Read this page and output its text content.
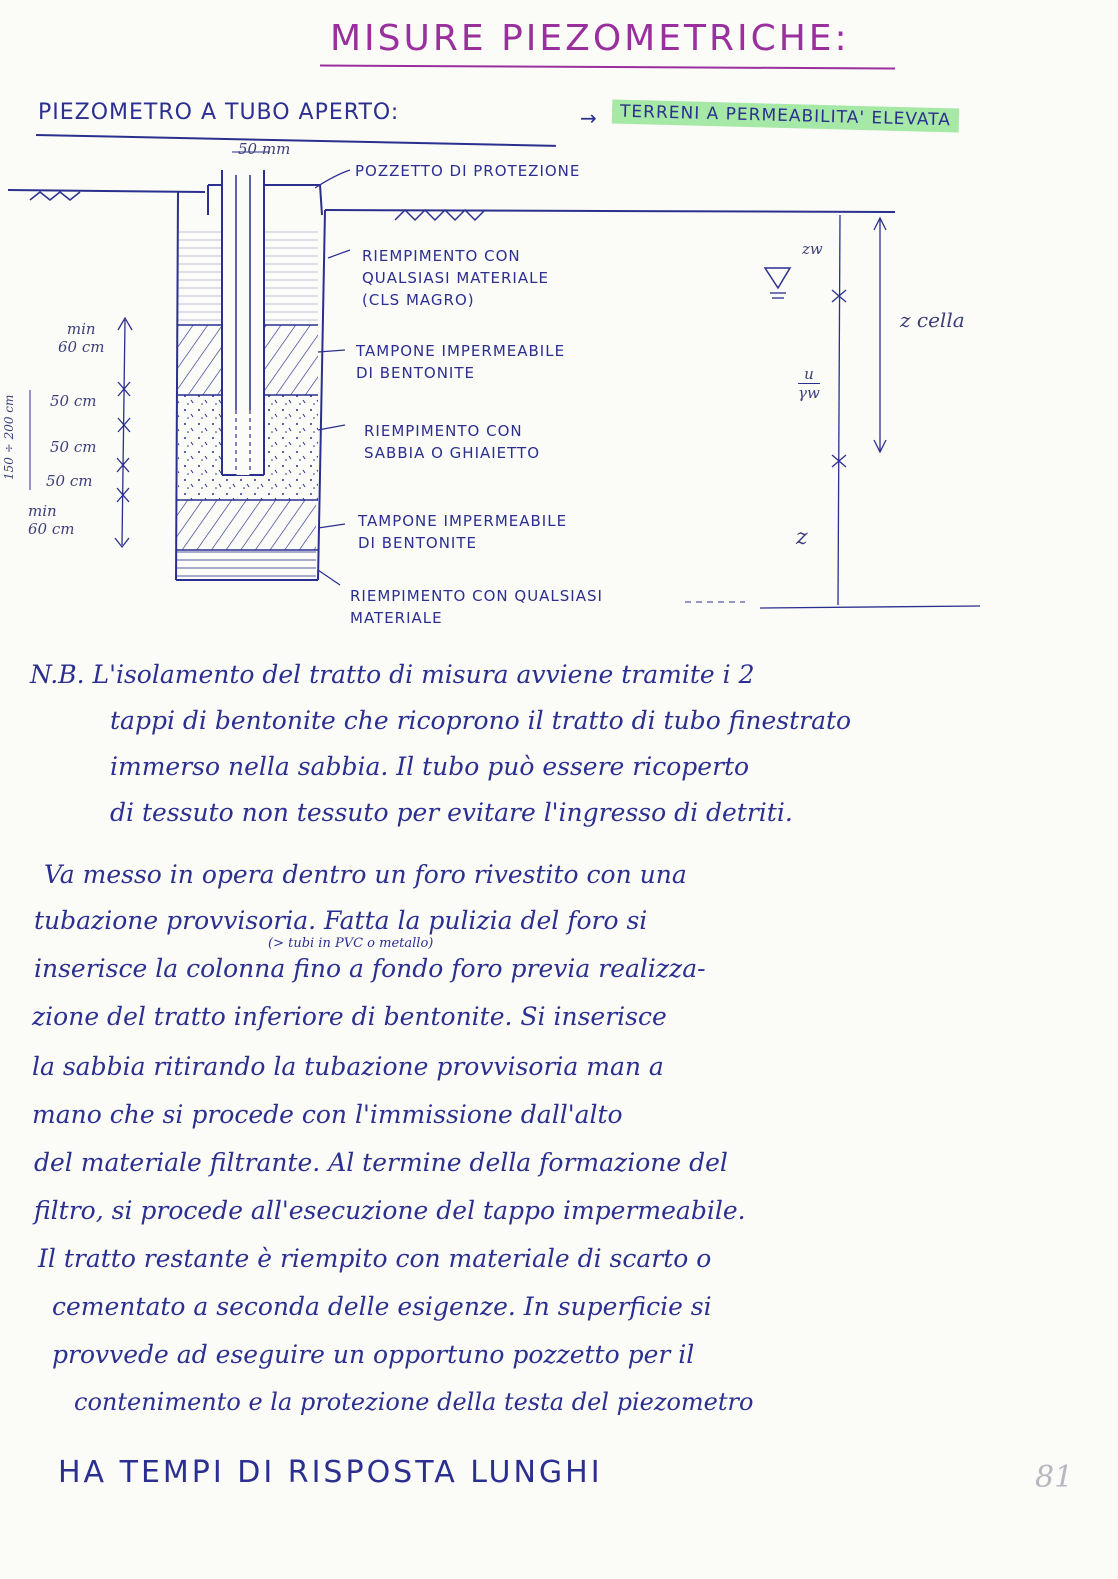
MISURE PIEZOMETRICHE:
PIEZOMETRO A TUBO APERTO:	→	TERRENI A PERMEABILITA' ELEVATA
50 mm
POZZETTO DI PROTEZIONE
RIEMPIMENTO CON
QUALSIASI MATERIALE
(CLS MAGRO)
TAMPONE IMPERMEABILE
DI BENTONITE
RIEMPIMENTO CON
SABBIA O GHIAIETTO
TAMPONE IMPERMEABILE
DI BENTONITE
RIEMPIMENTO CON QUALSIASI
MATERIALE
min
60 cm
150 ÷ 200 cm 50 cm
50 cm
50 cm
min
60 cm
zw
u
γw
z
z cella
N.B. L'isolamento del tratto di misura avviene tramite i 2
tappi di bentonite che ricoprono il tratto di tubo finestrato
immerso nella sabbia. Il tubo può essere ricoperto
di tessuto non tessuto per evitare l'ingresso di detriti.
Va messo in opera dentro un foro rivestito con una
tubazione provvisoria. Fatta la pulizia del foro si
(> tubi in PVC o metallo)
inserisce la colonna fino a fondo foro previa realizza-
zione del tratto inferiore di bentonite. Si inserisce
la sabbia ritirando la tubazione provvisoria man a
mano che si procede con l'immissione dall'alto
del materiale filtrante. Al termine della formazione del
filtro, si procede all'esecuzione del tappo impermeabile.
Il tratto restante è riempito con materiale di scarto o
cementato a seconda delle esigenze. In superficie si
provvede ad eseguire un opportuno pozzetto per il
contenimento e la protezione della testa del piezometro
HA TEMPI DI RISPOSTA LUNGHI	81
